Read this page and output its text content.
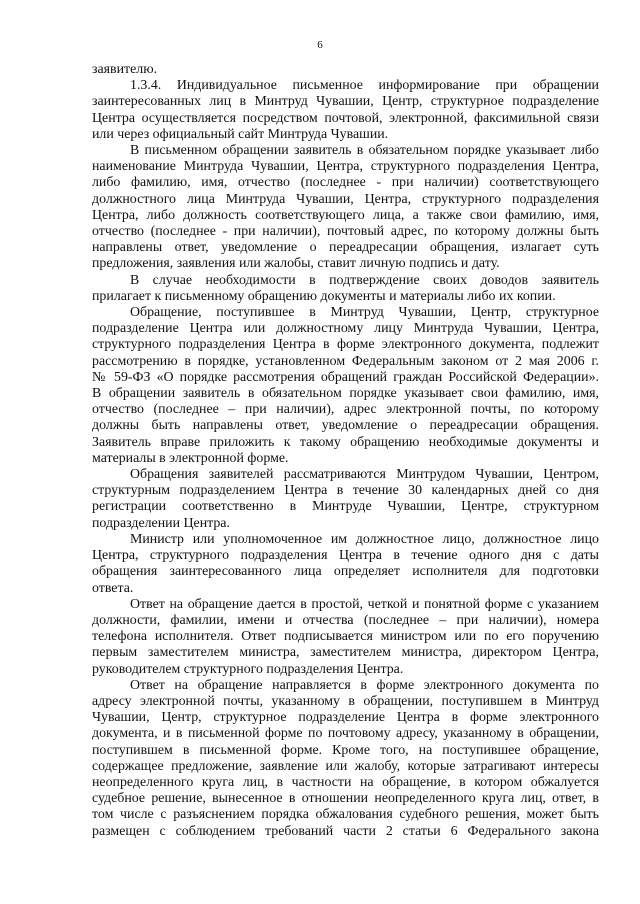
6
заявителю.
1.3.4. Индивидуальное письменное информирование при обращении
заинтересованных лиц в Минтруд Чувашии, Центр, структурное подразделение
Центра осуществляется посредством почтовой, электронной, факсимильной связи
или через официальный сайт Минтруда Чувашии.
В письменном обращении заявитель в обязательном порядке указывает либо
наименование Минтруда Чувашии, Центра, структурного подразделения Центра,
либо фамилию, имя, отчество (последнее - при наличии) соответствующего
должностного лица Минтруда Чувашии, Центра, структурного подразделения
Центра, либо должность соответствующего лица, а также свои фамилию, имя,
отчество (последнее - при наличии), почтовый адрес, по которому должны быть
направлены ответ, уведомление о переадресации обращения, излагает суть
предложения, заявления или жалобы, ставит личную подпись и дату.
В случае необходимости в подтверждение своих доводов заявитель
прилагает к письменному обращению документы и материалы либо их копии.
Обращение, поступившее в Минтруд Чувашии, Центр, структурное
подразделение Центра или должностному лицу Минтруда Чувашии, Центра,
структурного подразделения Центра в форме электронного документа, подлежит
рассмотрению в порядке, установленном Федеральным законом от 2 мая 2006 г.
№ 59-ФЗ «О порядке рассмотрения обращений граждан Российской Федерации».
В обращении заявитель в обязательном порядке указывает свои фамилию, имя,
отчество (последнее – при наличии), адрес электронной почты, по которому
должны быть направлены ответ, уведомление о переадресации обращения.
Заявитель вправе приложить к такому обращению необходимые документы и
материалы в электронной форме.
Обращения заявителей рассматриваются Минтрудом Чувашии, Центром,
структурным подразделением Центра в течение 30 календарных дней со дня
регистрации соответственно в Минтруде Чувашии, Центре, структурном
подразделении Центра.
Министр или уполномоченное им должностное лицо, должностное лицо
Центра, структурного подразделения Центра в течение одного дня с даты
обращения заинтересованного лица определяет исполнителя для подготовки
ответа.
Ответ на обращение дается в простой, четкой и понятной форме с указанием
должности, фамилии, имени и отчества (последнее – при наличии), номера
телефона исполнителя. Ответ подписывается министром или по его поручению
первым заместителем министра, заместителем министра, директором Центра,
руководителем структурного подразделения Центра.
Ответ на обращение направляется в форме электронного документа по
адресу электронной почты, указанному в обращении, поступившем в Минтруд
Чувашии, Центр, структурное подразделение Центра в форме электронного
документа, и в письменной форме по почтовому адресу, указанному в обращении,
поступившем в письменной форме. Кроме того, на поступившее обращение,
содержащее предложение, заявление или жалобу, которые затрагивают интересы
неопределенного круга лиц, в частности на обращение, в котором обжалуется
судебное решение, вынесенное в отношении неопределенного круга лиц, ответ, в
том числе с разъяснением порядка обжалования судебного решения, может быть
размещен с соблюдением требований части 2 статьи 6 Федерального закона
